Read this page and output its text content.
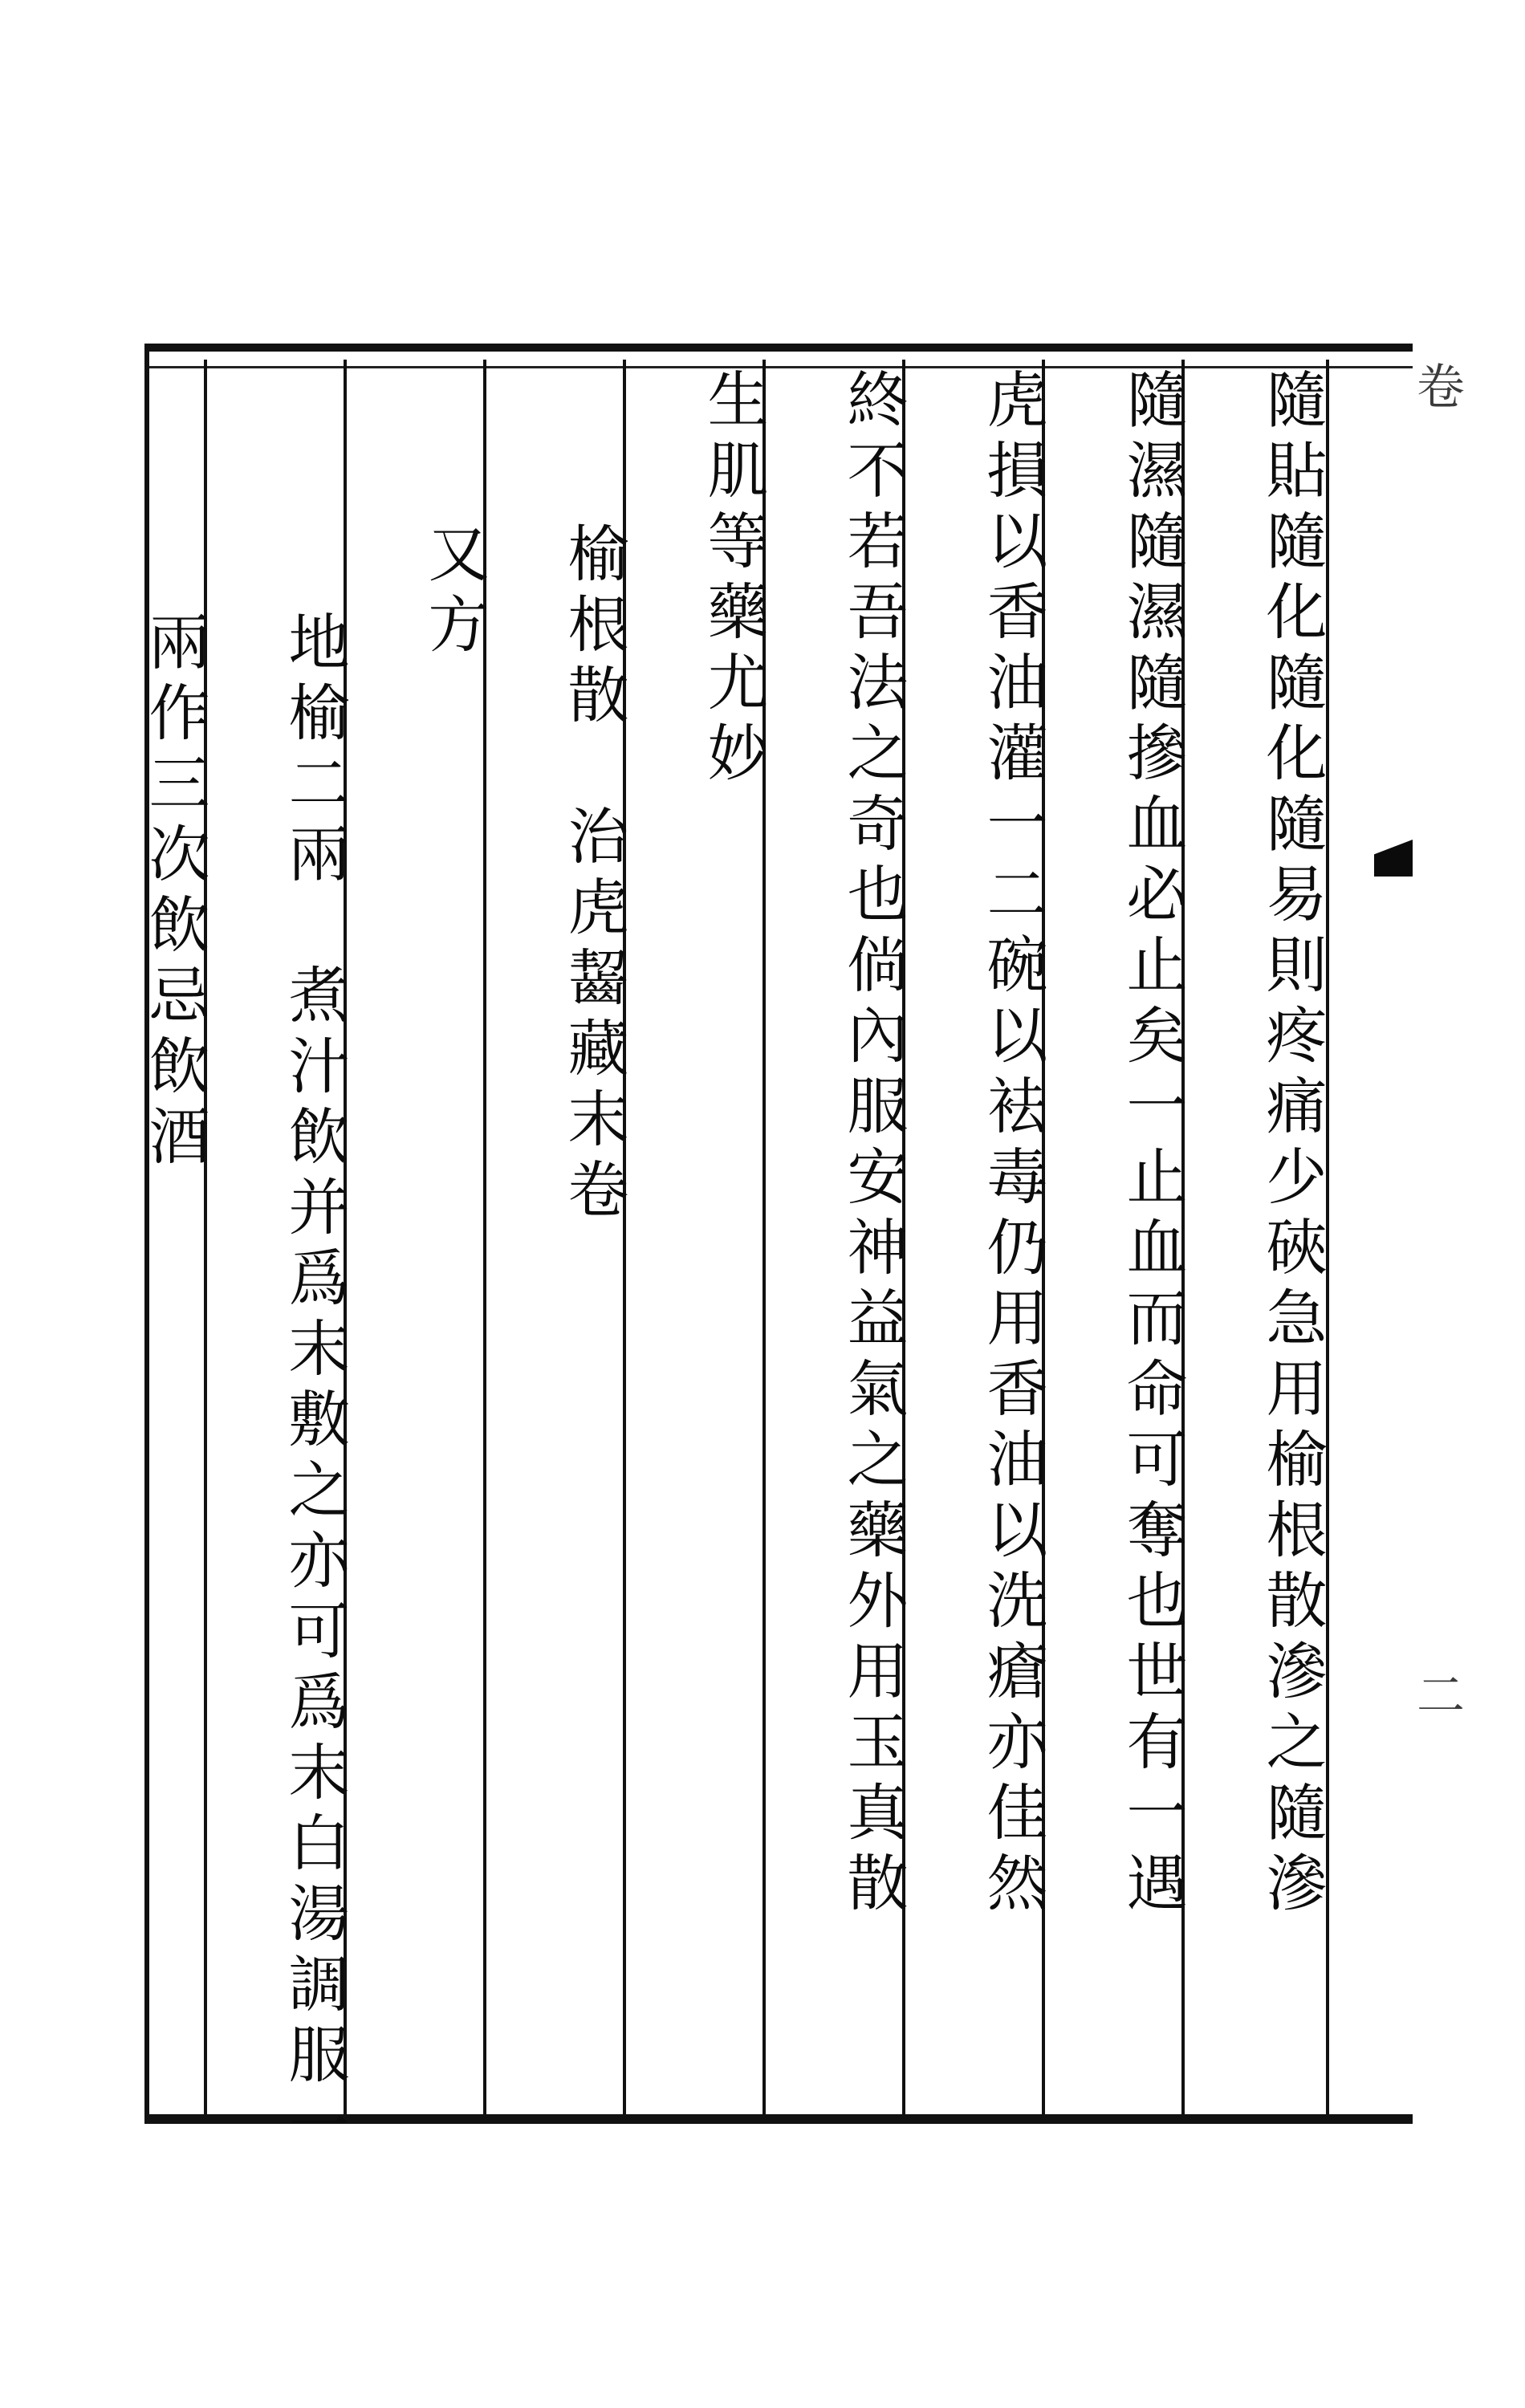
卷
二
隨貼隨化隨化隨易則疼痛少硤急用榆根散滲之隨滲
隨濕隨濕隨摻血必止矣一止血而命可奪也世有一遇
虎損以香油灌一二碗以袪毒仍用香油以洗瘡亦佳然
終不若吾法之奇也倘內服安神益氣之藥外用玉真散
生肌等藥尤妙
榆根散　治虎齧藏末卷
又方
地榆二兩　煮汁飲并爲末敷之亦可爲末白湯調服一
兩作三次飲忌飲酒
